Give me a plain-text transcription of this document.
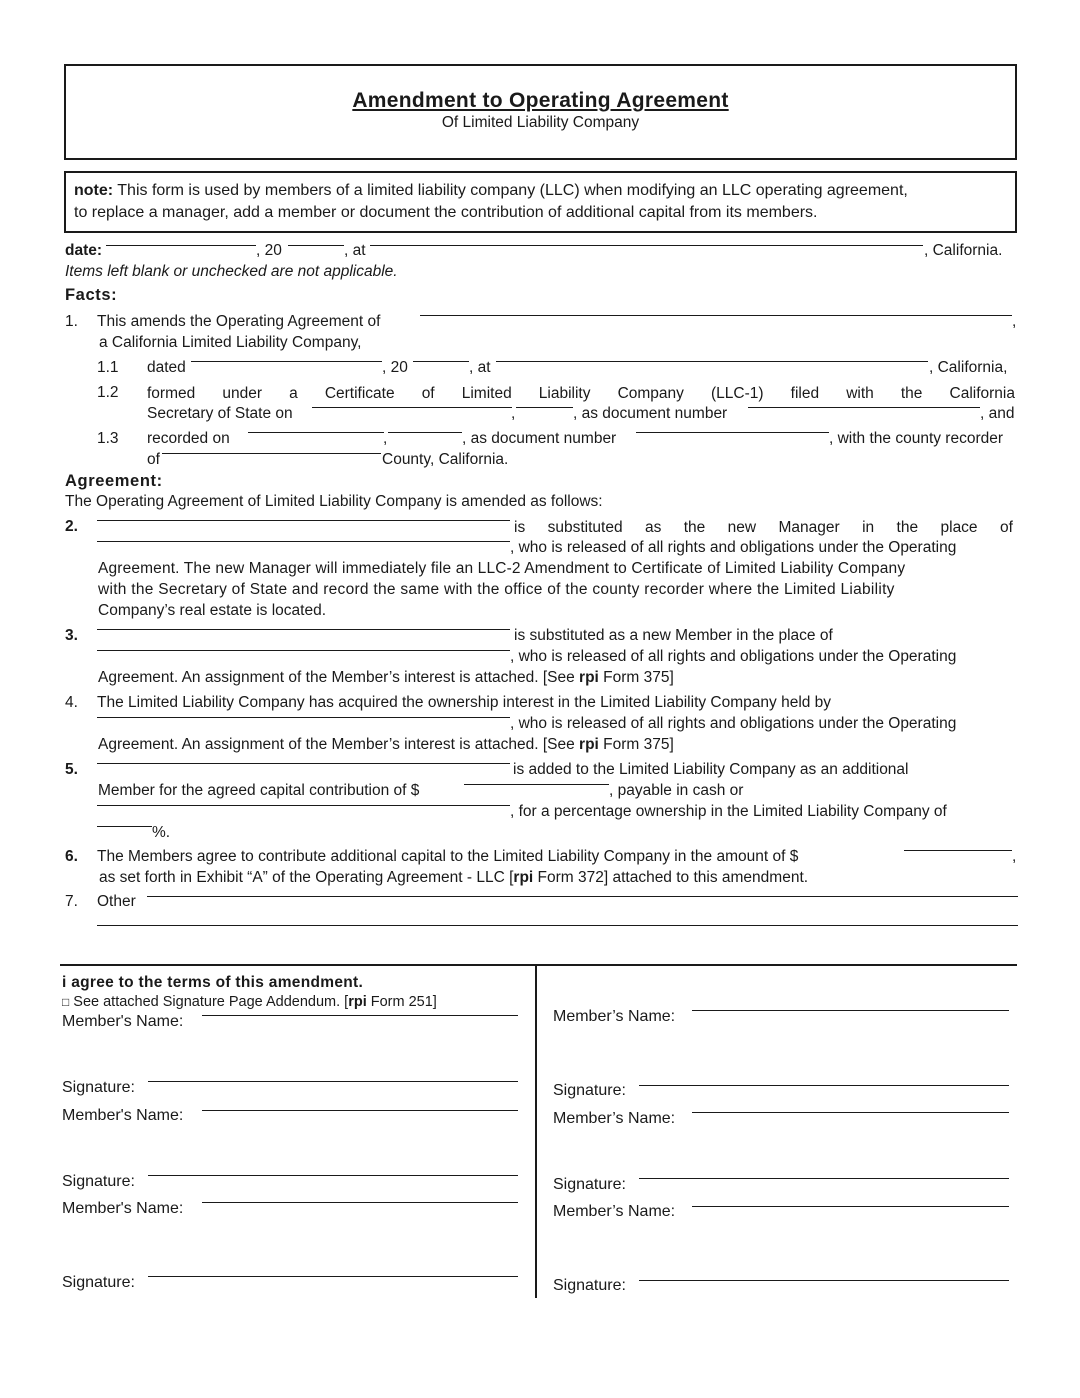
Amendment to Operating Agreement
Of Limited Liability Company
note: This form is used by members of a limited liability company (LLC) when modifying an LLC operating agreement,
to replace a manager, add a member or document the contribution of additional capital from its members.
date:	, 20	, at	, California.
Items left blank or unchecked are not applicable.
Facts:
1. This amends the Operating Agreement of	,
a California Limited Liability Company,
1.1 dated	, 20	, at	, California,
1.2 formed under a Certificate of Limited Liability Company (LLC-1) filed with the California
Secretary of State on	,	, as document number	, and
1.3 recorded on	,	, as document number	, with the county recorder
of	County, California.
Agreement:
The Operating Agreement of Limited Liability Company is amended as follows:
2.	is substituted as the new Manager in the place of
, who is released of all rights and obligations under the Operating
Agreement. The new Manager will immediately file an LLC-2 Amendment to Certificate of Limited Liability Company
with the Secretary of State and record the same with the office of the county recorder where the Limited Liability
Company’s real estate is located.
3.	is substituted as a new Member in the place of
, who is released of all rights and obligations under the Operating
Agreement. An assignment of the Member’s interest is attached. [See rpi Form 375]
4. The Limited Liability Company has acquired the ownership interest in the Limited Liability Company held by
, who is released of all rights and obligations under the Operating
Agreement. An assignment of the Member’s interest is attached. [See rpi Form 375]
5.	is added to the Limited Liability Company as an additional
Member for the agreed capital contribution of $	, payable in cash or
, for a percentage ownership in the Limited Liability Company of
%.
6. The Members agree to contribute additional capital to the Limited Liability Company in the amount of $	,
as set forth in Exhibit “A” of the Operating Agreement - LLC [rpi Form 372] attached to this amendment.
7. Other
i agree to the terms of this amendment.
□ See attached Signature Page Addendum. [rpi Form 251]
Member's Name:
Signature:
Member's Name:
Signature:
Member's Name:
Signature:
Member’s Name:
Signature:
Member’s Name:
Signature:
Member’s Name:
Signature:
